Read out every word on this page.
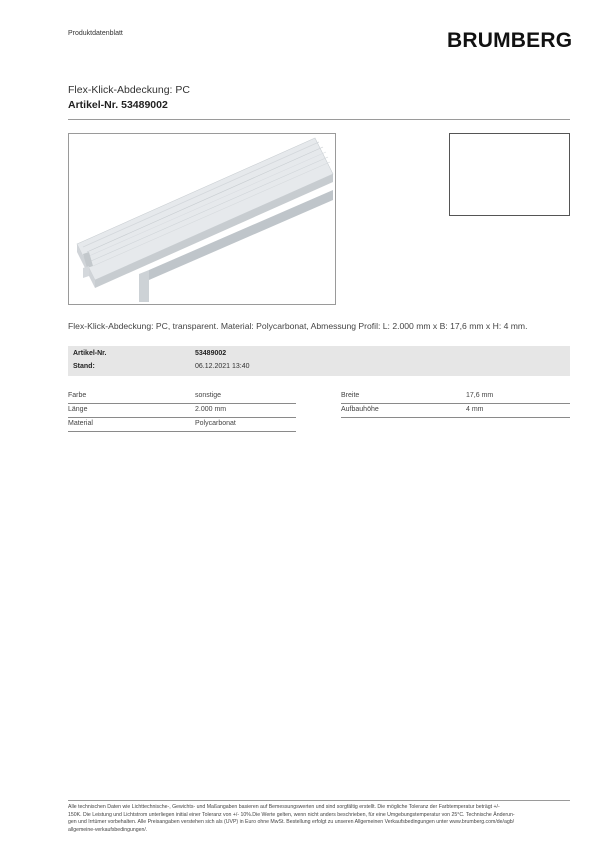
Produktdatenblatt	BRUMBERG
Flex-Klick-Abdeckung: PC
Artikel-Nr. 53489002
Flex-Klick-Abdeckung: PC, transparent. Material: Polycarbonat, Abmessung Profil: L: 2.000 mm x B: 17,6 mm x H: 4 mm.
Artikel-Nr.	53489002
Stand:	06.12.2021 13:40
Farbe	sonstige
Länge	2.000 mm
Material	Polycarbonat
Breite	17,6 mm
Aufbauhöhe	4 mm
Alle technischen Daten wie Lichttechnische-, Gewichts- und Maßangaben basieren auf Bemessungswerten und sind sorgfältig erstellt. Die mögliche Toleranz der Farbtemperatur beträgt +/-
150K. Die Leistung und Lichtstrom unterliegen initial einer Toleranz von +/- 10%.Die Werte gelten, wenn nicht anders beschrieben, für eine Umgebungstemperatur von 25°C. Technische Änderun-
gen und Irrtümer vorbehalten. Alle Preisangaben verstehen sich als (UVP) in Euro ohne MwSt. Bestellung erfolgt zu unseren Allgemeinen Verkaufsbedingungen unter www.brumberg.com/de/agb/
allgemeine-verkaufsbedingungen/.
